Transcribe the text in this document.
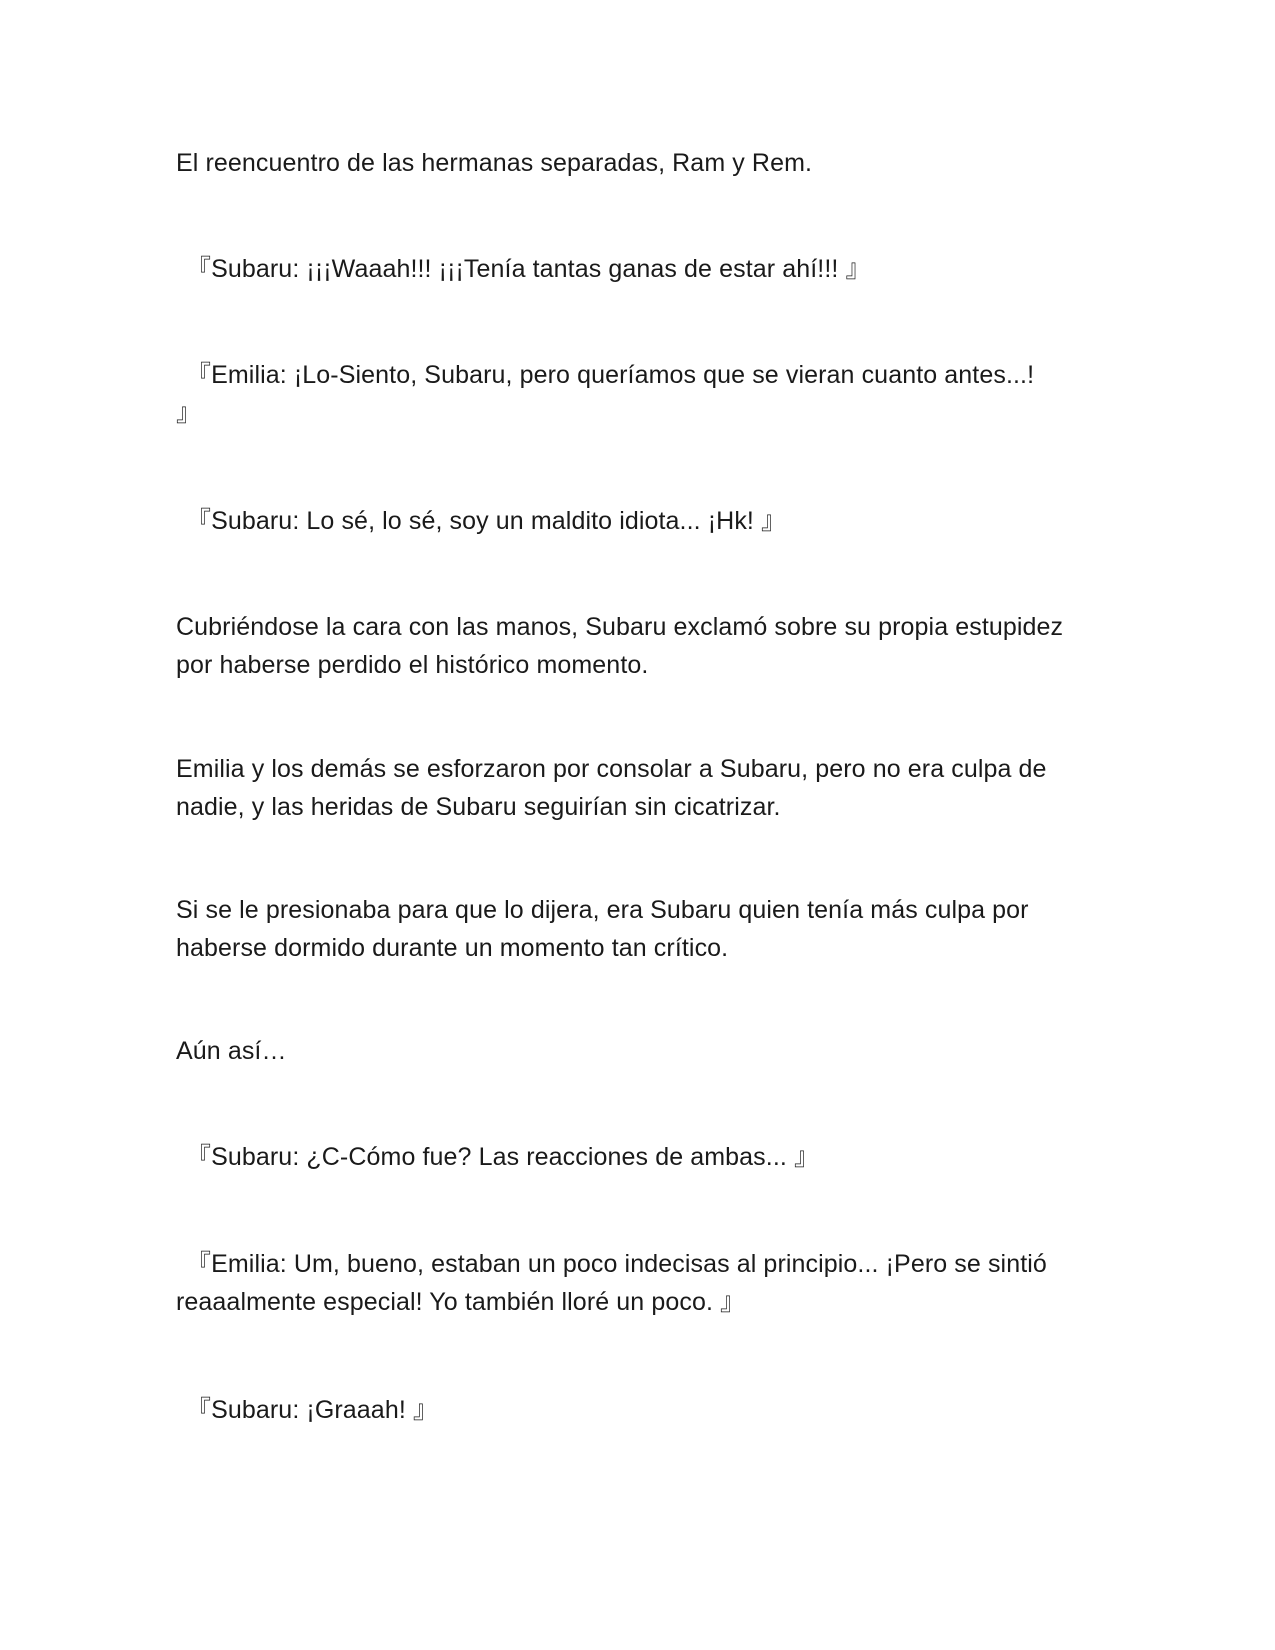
El reencuentro de las hermanas separadas, Ram y Rem.

『Subaru: ¡¡¡Waaah!!! ¡¡¡Tenía tantas ganas de estar ahí!!! 』

『Emilia: ¡Lo-Siento, Subaru, pero queríamos que se vieran cuanto antes...!
』

『Subaru: Lo sé, lo sé, soy un maldito idiota... ¡Hk! 』

Cubriéndose la cara con las manos, Subaru exclamó sobre su propia estupidez
por haberse perdido el histórico momento.

Emilia y los demás se esforzaron por consolar a Subaru, pero no era culpa de
nadie, y las heridas de Subaru seguirían sin cicatrizar.

Si se le presionaba para que lo dijera, era Subaru quien tenía más culpa por
haberse dormido durante un momento tan crítico.

Aún así…

『Subaru: ¿C-Cómo fue? Las reacciones de ambas... 』

『Emilia: Um, bueno, estaban un poco indecisas al principio... ¡Pero se sintió
reaaalmente especial! Yo también lloré un poco. 』

『Subaru: ¡Graaah! 』
